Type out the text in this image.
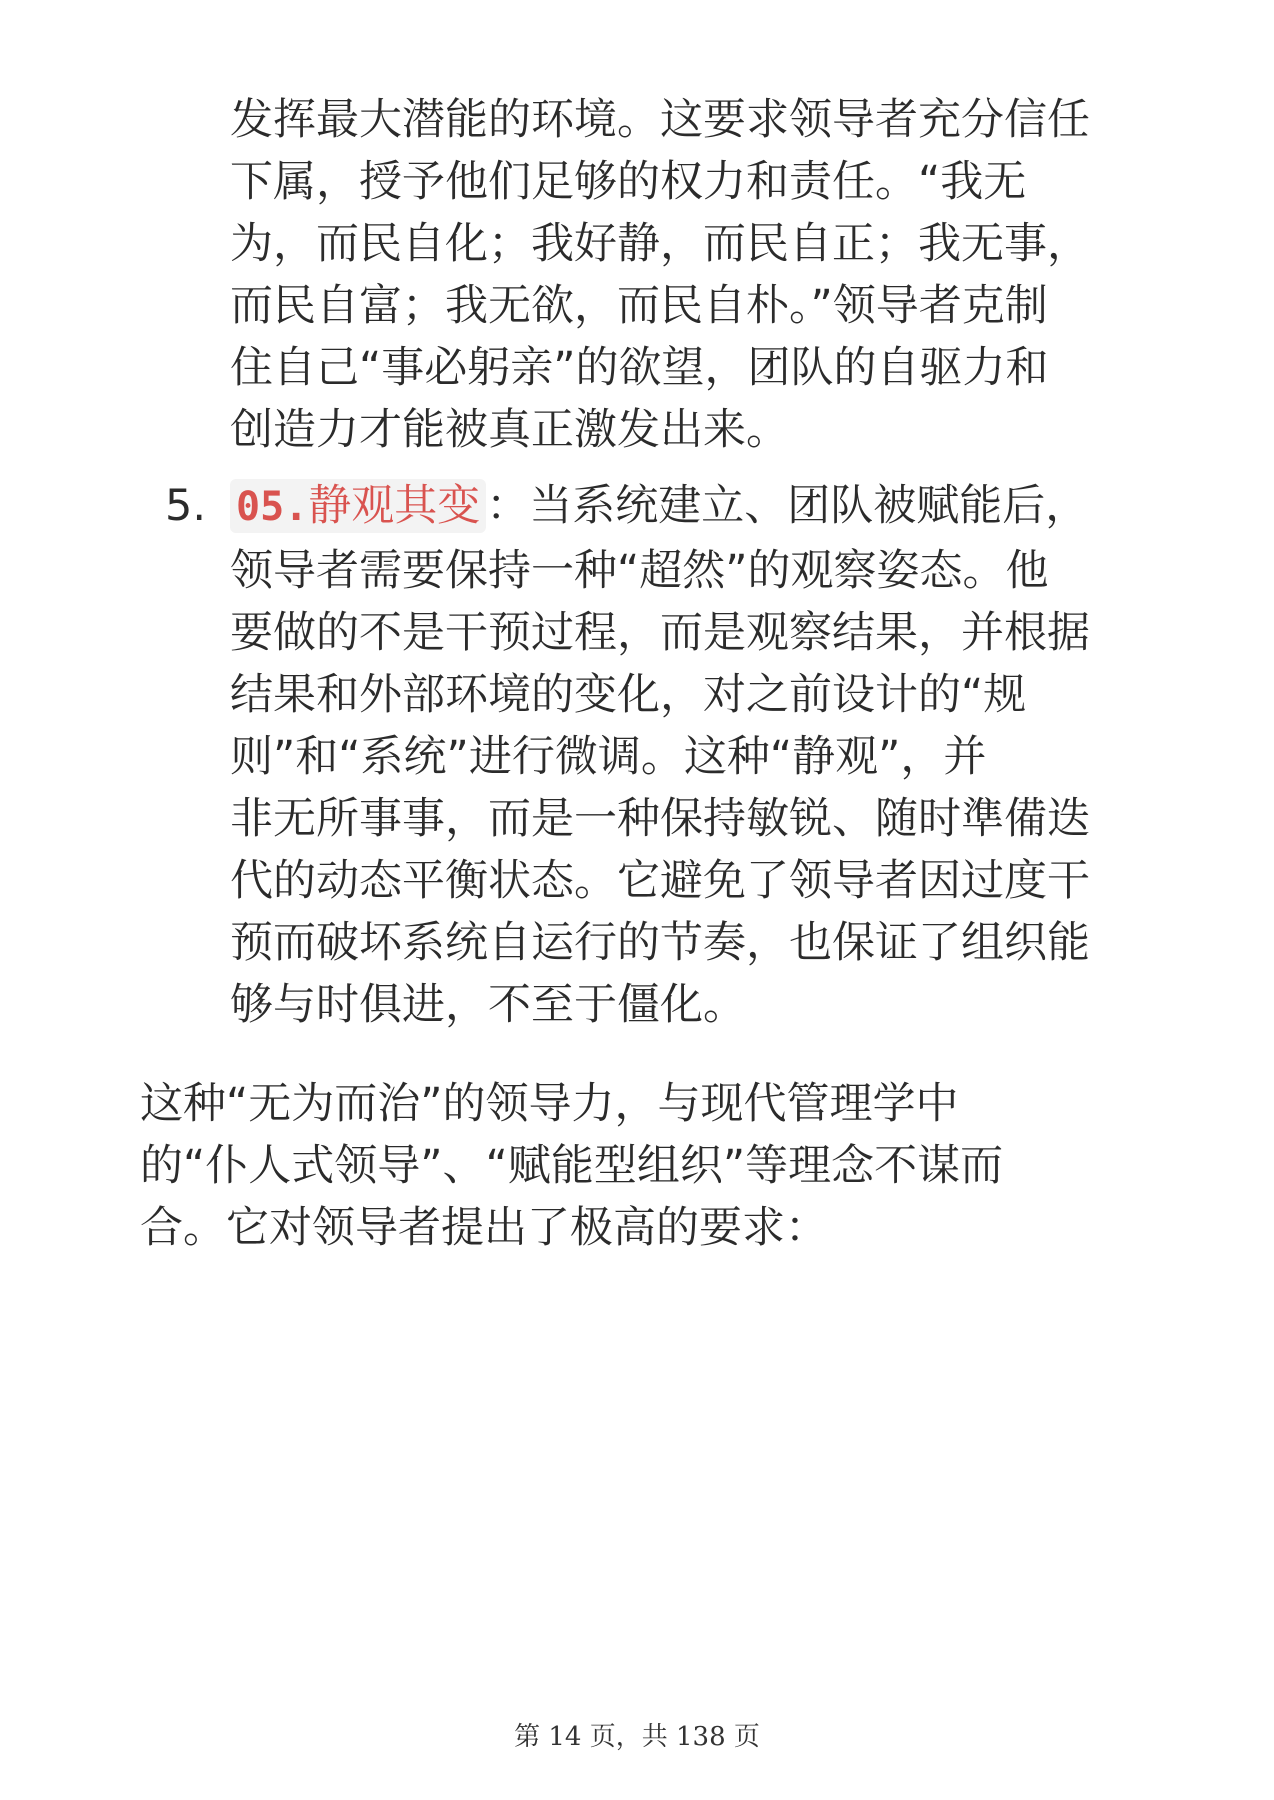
发挥最大潜能的环境。这要求领导者充分信任
下属，授予他们足够的权力和责任。“我无
为，而民自化；我好静，而民自正；我无事，
而民自富；我无欲，而民自朴。”领导者克制
住自己“事必躬亲”的欲望，团队的自驱力和
创造力才能被真正激发出来。
5. 05.静观其变 ：当系统建立、团队被赋能后，
领导者需要保持一种“超然”的观察姿态。他
要做的不是干预过程，而是观察结果，并根据
结果和外部环境的变化，对之前设计的“规
则”和“系统”进行微调。这种“静观”，并
非无所事事，而是一种保持敏锐、随时準備迭
代的动态平衡状态。它避免了领导者因过度干
预而破坏系统自运行的节奏，也保证了组织能
够与时俱进，不至于僵化。
这种“无为而治”的领导力，与现代管理学中
的“仆人式领导”、“赋能型组织”等理念不谋而
合。它对领导者提出了极高的要求：
第 14 页，共 138 页
